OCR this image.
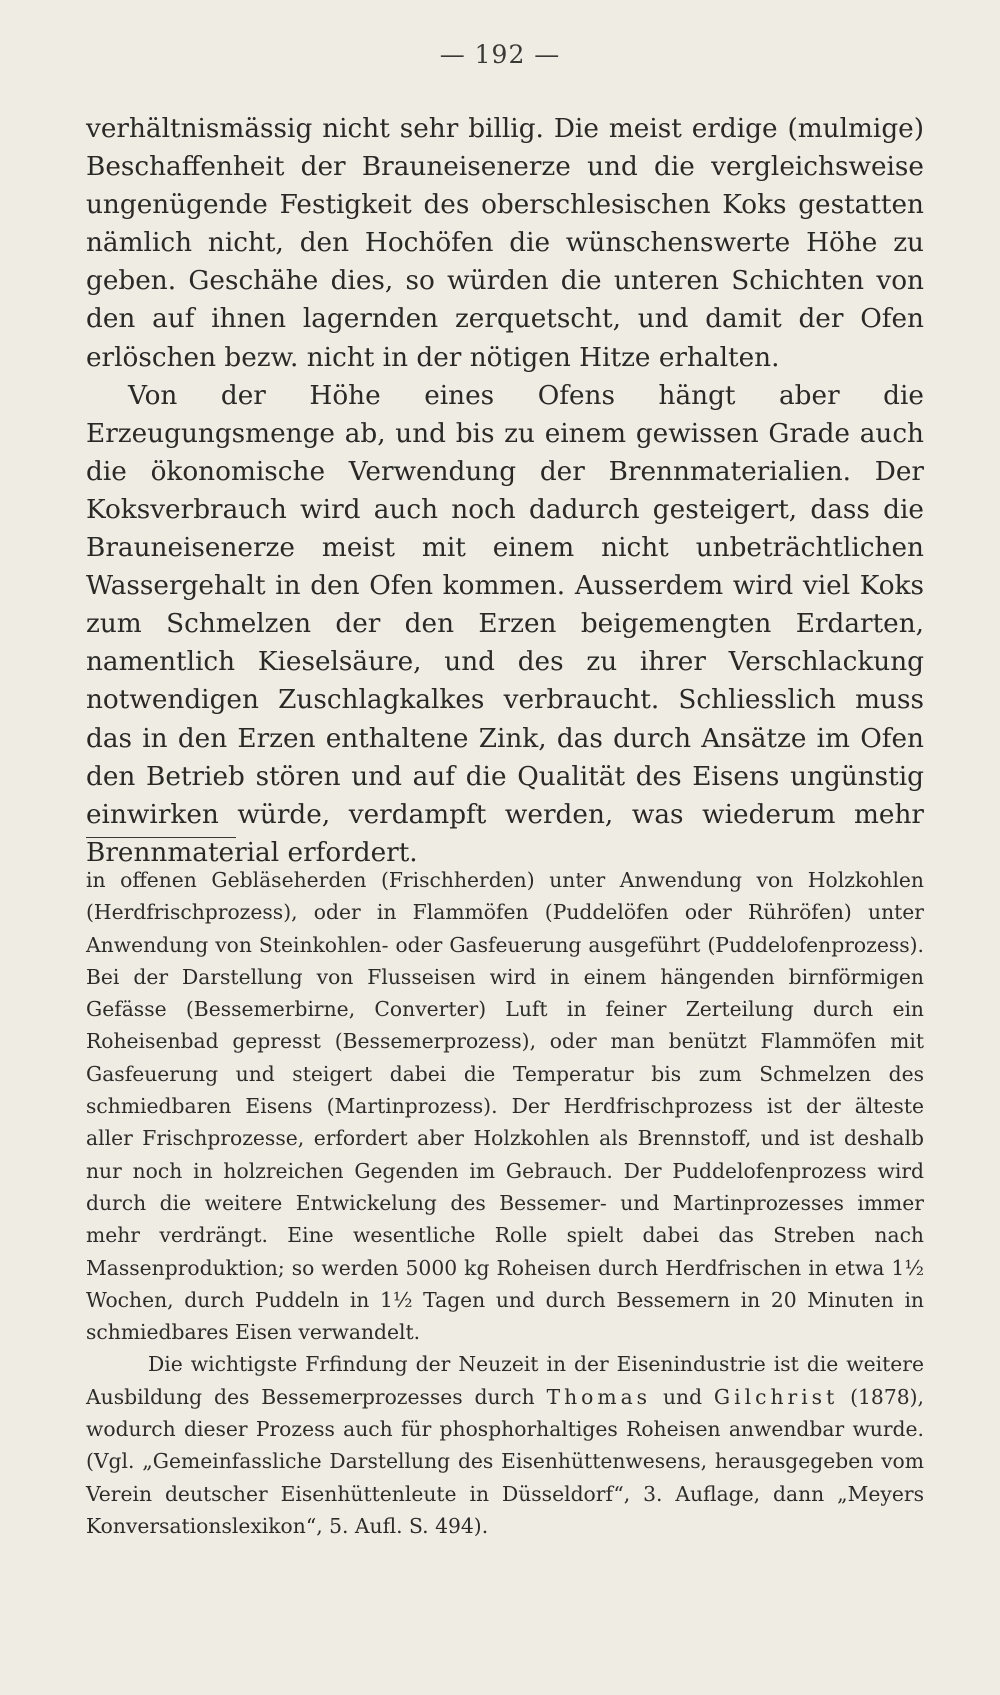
— 192 —

verhältnismässig nicht sehr billig. Die meist erdige (mulmige) Beschaffenheit der Brauneisenerze und die vergleichsweise ungenügende Festigkeit des oberschlesischen Koks gestatten nämlich nicht, den Hochöfen die wünschenswerte Höhe zu geben. Geschähe dies, so würden die unteren Schichten von den auf ihnen lagernden zerquetscht, und damit der Ofen erlöschen bezw. nicht in der nötigen Hitze erhalten.

Von der Höhe eines Ofens hängt aber die Erzeugungsmenge ab, und bis zu einem gewissen Grade auch die ökonomische Verwendung der Brennmaterialien. Der Koksverbrauch wird auch noch dadurch gesteigert, dass die Brauneisenerze meist mit einem nicht unbeträchtlichen Wassergehalt in den Ofen kommen. Ausserdem wird viel Koks zum Schmelzen der den Erzen beigemengten Erdarten, namentlich Kieselsäure, und des zu ihrer Verschlackung notwendigen Zuschlagkalkes verbraucht. Schliesslich muss das in den Erzen enthaltene Zink, das durch Ansätze im Ofen den Betrieb stören und auf die Qualität des Eisens ungünstig einwirken würde, verdampft werden, was wiederum mehr Brennmaterial erfordert.

in offenen Gebläseherden (Frischherden) unter Anwendung von Holzkohlen (Herdfrischprozess), oder in Flammöfen (Puddelöfen oder Rühröfen) unter Anwendung von Steinkohlen- oder Gasfeuerung ausgeführt (Puddelofenprozess). Bei der Darstellung von Flusseisen wird in einem hängenden birnförmigen Gefässe (Bessemerbirne, Converter) Luft in feiner Zerteilung durch ein Roheisenbad gepresst (Bessemerprozess), oder man benützt Flammöfen mit Gasfeuerung und steigert dabei die Temperatur bis zum Schmelzen des schmiedbaren Eisens (Martinprozess). Der Herdfrischprozess ist der älteste aller Frischprozesse, erfordert aber Holzkohlen als Brennstoff, und ist deshalb nur noch in holzreichen Gegenden im Gebrauch. Der Puddelofenprozess wird durch die weitere Entwickelung des Bessemer- und Martinprozesses immer mehr verdrängt. Eine wesentliche Rolle spielt dabei das Streben nach Massenproduktion; so werden 5000 kg Roheisen durch Herdfrischen in etwa 1½ Wochen, durch Puddeln in 1½ Tagen und durch Bessemern in 20 Minuten in schmiedbares Eisen verwandelt.

Die wichtigste Frfindung der Neuzeit in der Eisenindustrie ist die weitere Ausbildung des Bessemerprozesses durch Thomas und Gilchrist (1878), wodurch dieser Prozess auch für phosphorhaltiges Roheisen anwendbar wurde. (Vgl. „Gemeinfassliche Darstellung des Eisenhüttenwesens, herausgegeben vom Verein deutscher Eisenhüttenleute in Düsseldorf“, 3. Auflage, dann „Meyers Konversationslexikon“, 5. Aufl. S. 494).
